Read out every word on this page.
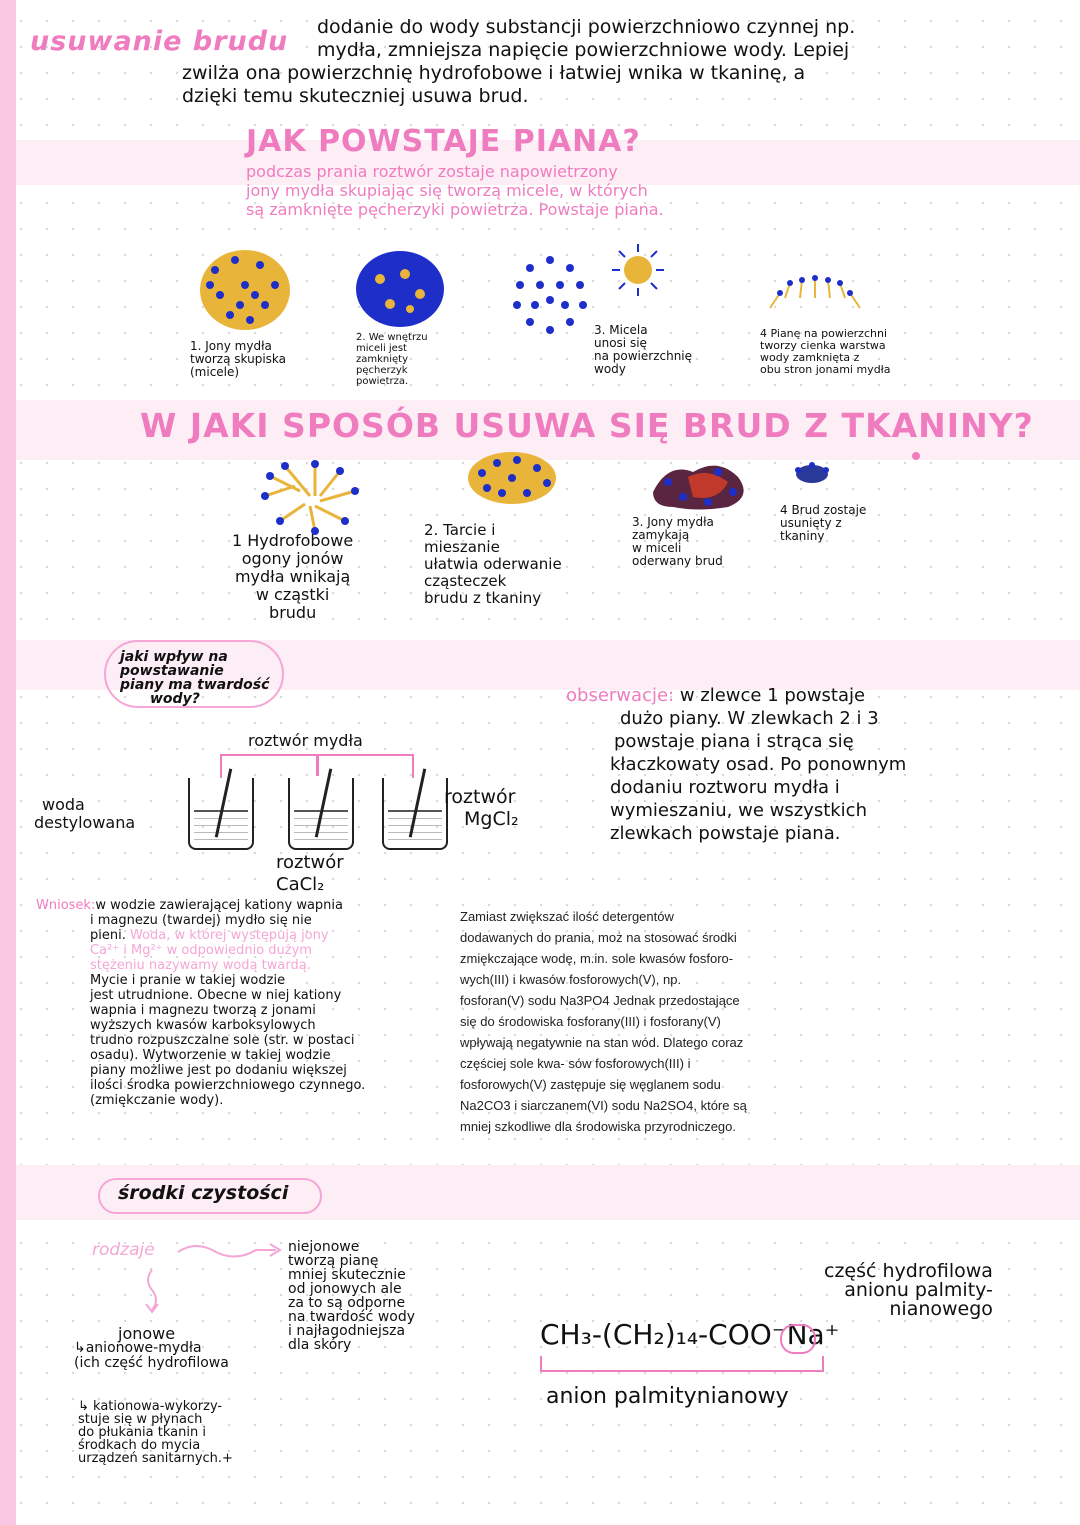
usuwanie brudu	dodanie do wody substancji powierzchniowo czynnej np.
mydła, zmniejsza napięcie powierzchniowe wody. Lepiej
zwilża ona powierzchnię hydrofobowe i łatwiej wnika w tkaninę, a
dzięki temu skuteczniej usuwa brud.
JAK POWSTAJE PIANA?
podczas prania roztwór zostaje napowietrzony
jony mydła skupiając się tworzą micele, w których
są zamknięte pęcherzyki powietrza. Powstaje piana.
1. Jony mydła
tworzą skupiska
(micele)
2. We wnętrzu
miceli jest
zamknięty
pęcherzyk
powietrza.
3. Micela
unosi się
na powierzchnię
wody
4 Pianę na powierzchni
tworzy cienka warstwa
wody zamknięta z
obu stron jonami mydła
W JAKI SPOSÓB USUWA SIĘ BRUD Z TKANINY?
1 Hydrofobowe
ogony jonów
mydła wnikają
w cząstki
brudu
2. Tarcie i
mieszanie
ułatwia oderwanie
cząsteczek
brudu z tkaniny
3. Jony mydła
zamykają
w miceli
oderwany brud
4 Brud zostaje
usunięty z
tkaniny
jaki wpływ na
powstawanie
piany ma twardość
wody?
roztwór mydła
woda
destylowana
roztwór
MgCl₂
roztwór
CaCl₂
obserwacje: w zlewce 1 powstaje
dużo piany. W zlewkach 2 i 3
powstaje piana i strąca się
kłaczkowaty osad. Po ponownym
dodaniu roztworu mydła i
wymieszaniu, we wszystkich
zlewkach powstaje piana.
Wniosek:w wodzie zawierającej kationy wapnia
i magnezu (twardej) mydło się nie
pieni. Woda, w której występują jony
Ca²⁺ i Mg²⁺ w odpowiednio dużym
stężeniu nazywamy wodą twardą.
Mycie i pranie w takiej wodzie
jest utrudnione. Obecne w niej kationy
wapnia i magnezu tworzą z jonami
wyższych kwasów karboksylowych
trudno rozpuszczalne sole (str. w postaci
osadu). Wytworzenie w takiej wodzie
piany możliwe jest po dodaniu większej
ilości środka powierzchniowego czynnego.
(zmiękczanie wody).
Zamiast zwiększać ilość detergentów
dodawanych do prania, moż na stosować środki
zmiękczające wodę, m.in. sole kwasów fosforo-
wych(III) i kwasów fosforowych(V), np.
fosforan(V) sodu Na3PO4 Jednak przedostające
się do środowiska fosforany(III) i fosforany(V)
wpływają negatywnie na stan wód. Dlatego coraz
częściej sole kwa- sów fosforowych(III) i
fosforowych(V) zastępuje się węglanem sodu
Na2CO3 i siarczanem(VI) sodu Na2SO4, które są
mniej szkodliwe dla środowiska przyrodniczego.
środki czystości
rodzaje	niejonowe
tworzą pianę
mniej skutecznie
od jonowych ale
za to są odporne
na twardość wody
i najłagodniejsza
dla skóry
jonowe
↳anionowe-mydła
(ich część hydrofilowa
↳ kationowa-wykorzy-
stuje się w płynach
do płukania tkanin i
środkach do mycia
urządzeń sanitarnych.+
część hydrofilowa
anionu palmity-
nianowego
CH₃-(CH₂)₁₄-COO⁻Na⁺
anion palmitynianowy
